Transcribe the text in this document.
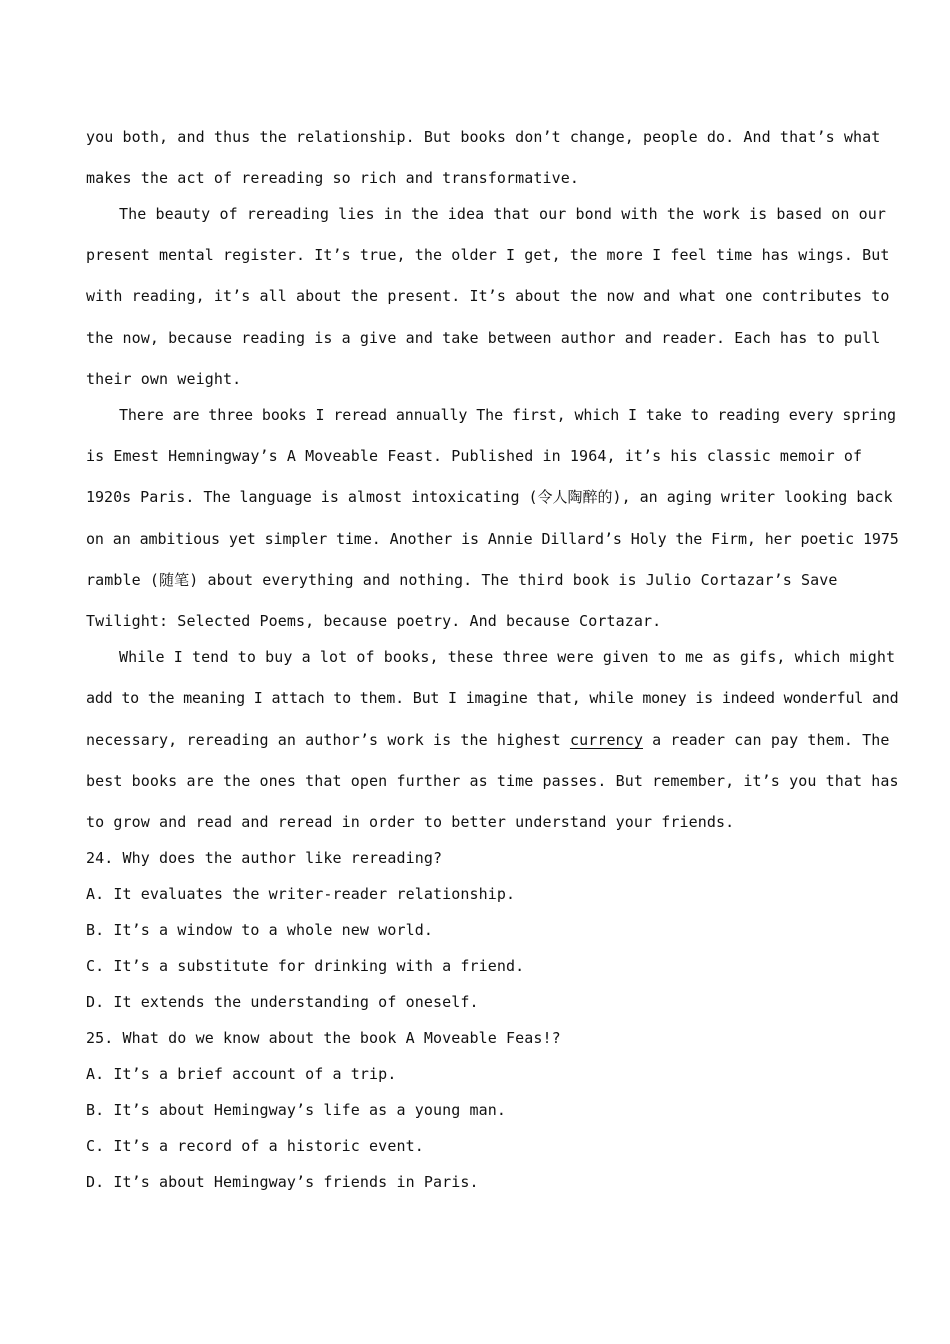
you both, and thus the relationship. But books don’t change, people do. And that’s what

makes the act of rereading so rich and transformative.

The beauty of rereading lies in the idea that our bond with the work is based on our

present mental register. It’s true, the older I get, the more I feel time has wings. But

with reading, it’s all about the present. It’s about the now and what one contributes to

the now, because reading is a give and take between author and reader. Each has to pull

their own weight.

There are three books I reread annually The first, which I take to reading every spring

is Emest Hemningway’s A Moveable Feast. Published in 1964, it’s his classic memoir of

1920s Paris. The language is almost intoxicating (令人陶醉的), an aging writer looking back

on an ambitious yet simpler time. Another is Annie Dillard’s Holy the Firm, her poetic 1975

ramble (随笔) about everything and nothing. The third book is Julio Cortazar’s Save

Twilight: Selected Poems, because poetry. And because Cortazar.

While I tend to buy a lot of books, these three were given to me as gifs, which might

add to the meaning I attach to them. But I imagine that, while money is indeed wonderful and

necessary, rereading an author’s work is the highest currency a reader can pay them. The

best books are the ones that open further as time passes. But remember, it’s you that has

to grow and read and reread in order to better understand your friends.

24. Why does the author like rereading?

A. It evaluates the writer-reader relationship.

B. It’s a window to a whole new world.

C. It’s a substitute for drinking with a friend.

D. It extends the understanding of oneself.

25. What do we know about the book A Moveable Feas!?

A. It’s a brief account of a trip.

B. It’s about Hemingway’s life as a young man.

C. It’s a record of a historic event.

D. It’s about Hemingway’s friends in Paris.
